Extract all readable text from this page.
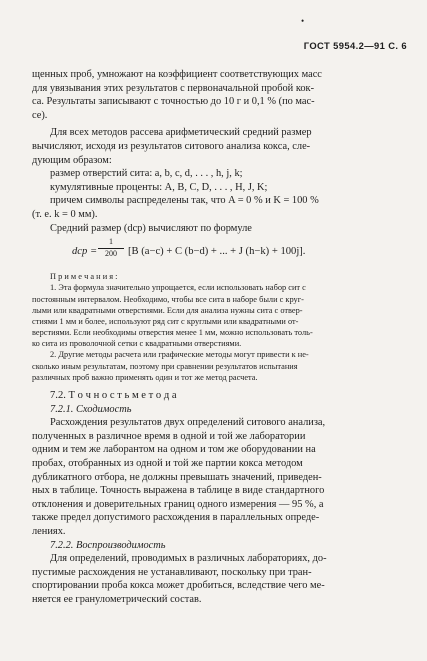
•
ГОСТ 5954.2—91 С. 6
щенных проб, умножают на коэффициент соответствующих масс
для увязывания этих результатов с первоначальной пробой кок-
са. Результаты записывают с точностью до 10 г и 0,1 % (по мас-
се).
Для всех методов рассева арифметический средний размер
вычисляют, исходя из результатов ситового анализа кокса, сле-
дующим образом:
размер отверстий сита: a, b, c, d, . . . , h, j, k;
кумулятивные проценты: A, B, C, D, . . . , H, J, K;
причем символы распределены так, что A = 0 % и K = 100 %
(т. е. k = 0 мм).
Средний размер (dср) вычисляют по формуле
dср = $\frac{1}{200} [B$ (a−c) + C (b−d) + ... + J (h−k) + 100j].
П р и м е ч а н и я :
1. Эта формула значительно упрощается, если использовать набор сит с
постоянным интервалом. Необходимо, чтобы все сита в наборе были с круг-
лыми или квадратными отверстиями. Если для анализа нужны сита с отвер-
стиями 1 мм и более, используют ряд сит с круглыми или квадратными от-
верстиями. Если необходимы отверстия менее 1 мм, можно использовать толь-
ко сита из проволочной сетки с квадратными отверстиями.
2. Другие методы расчета или графические методы могут привести к не-
сколько иным результатам, поэтому при сравнении результатов испытания
различных проб важно применять один и тот же метод расчета.
7.2. Т о ч н о с т ь м е т о д а
7.2.1. Сходимость
Расхождения результатов двух определений ситового анализа,
полученных в различное время в одной и той же лаборатории
одним и тем же лаборантом на одном и том же оборудовании на
пробах, отобранных из одной и той же партии кокса методом
дубликатного отбора, не должны превышать значений, приведен-
ных в таблице. Точность выражена в таблице в виде стандартного
отклонения и доверительных границ одного измерения — 95 %, а
также предел допустимого расхождения в параллельных опреде-
лениях.
7.2.2. Воспроизводимость
Для определений, проводимых в различных лабораториях, до-
пустимые расхождения не устанавливают, поскольку при тран-
спортировании проба кокса может дробиться, вследствие чего ме-
няется ее гранулометрический состав.
